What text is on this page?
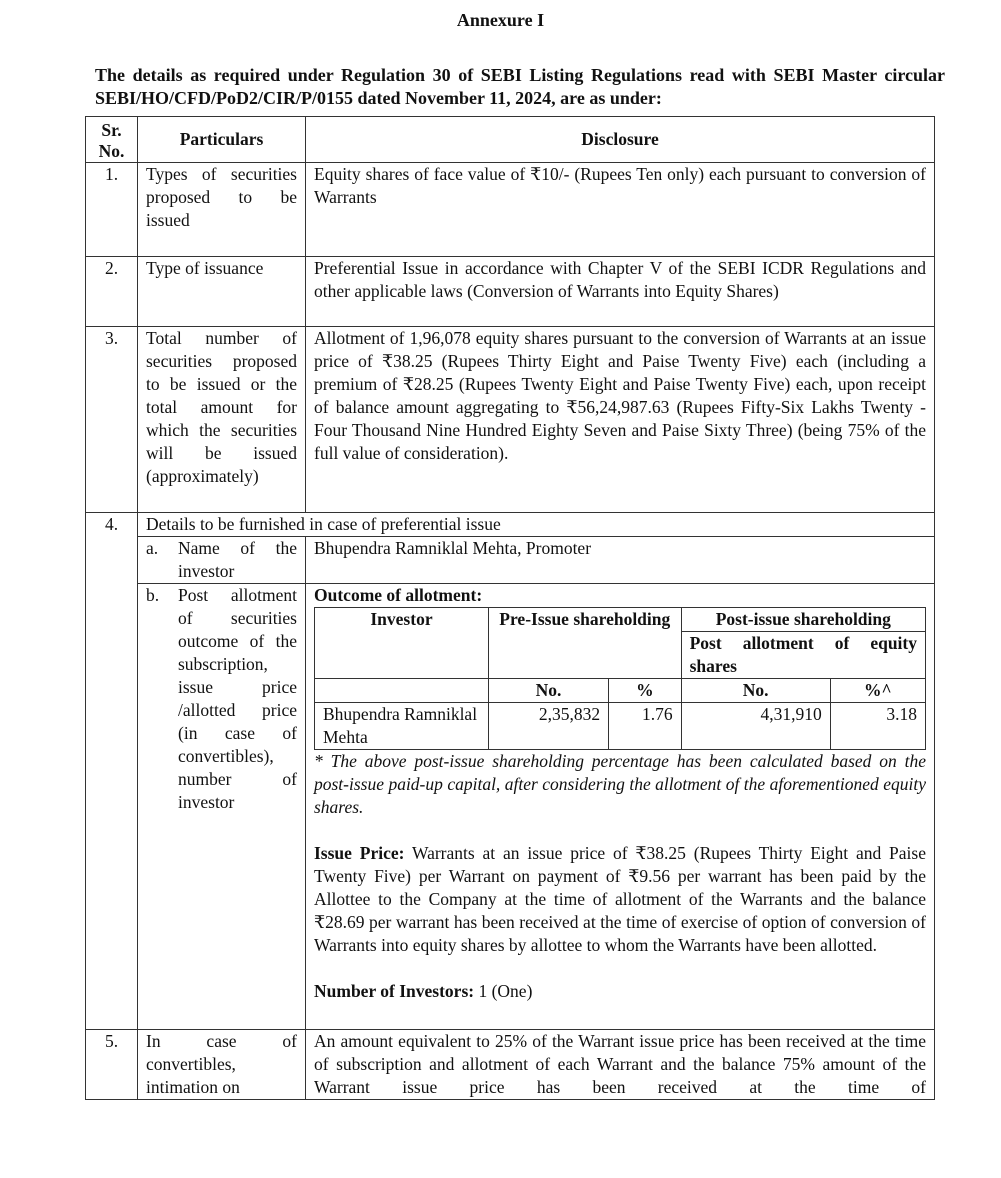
Annexure I
The details as required under Regulation 30 of SEBI Listing Regulations read with SEBI Master circular SEBI/HO/CFD/PoD2/CIR/P/0155 dated November 11, 2024, are as under:
Sr. No.	Particulars	Disclosure
1.	Types of securities proposed to be issued	Equity shares of face value of ₹10/- (Rupees Ten only) each pursuant to conversion of Warrants
2.	Type of issuance	Preferential Issue in accordance with Chapter V of the SEBI ICDR Regulations and other applicable laws (Conversion of Warrants into Equity Shares)
3.	Total number of securities proposed to be issued or the total amount for which the securities will be issued (approximately)	Allotment of 1,96,078 equity shares pursuant to the conversion of Warrants at an issue price of ₹38.25 (Rupees Thirty Eight and Paise Twenty Five) each (including a premium of ₹28.25 (Rupees Twenty Eight and Paise Twenty Five) each, upon receipt of balance amount aggregating to ₹56,24,987.63 (Rupees Fifty-Six Lakhs Twenty - Four Thousand Nine Hundred Eighty Seven and Paise Sixty Three) (being 75% of the full value of consideration).
4.	Details to be furnished in case of preferential issue

a.	Name of the investor
	Bhupendra Ramniklal Mehta, Promoter

b.	Post allotment of securities outcome of the subscription, issue price /allotted price (in case of convertibles), number of investor

Outcome of allotment:
Investor	Pre-Issue shareholding	Post-issue shareholding
Post allotment of equity shares
	No.	%	No.	%^
Bhupendra Ramniklal Mehta	2,35,832	1.76	4,31,910	3.18
* The above post-issue shareholding percentage has been calculated based on the post-issue paid-up capital, after considering the allotment of the aforementioned equity shares.
Issue Price: Warrants at an issue price of ₹38.25 (Rupees Thirty Eight and Paise Twenty Five) per Warrant on payment of ₹9.56 per warrant has been paid by the Allottee to the Company at the time of allotment of the Warrants and the balance ₹28.69 per warrant has been received at the time of exercise of option of conversion of Warrants into equity shares by allottee to whom the Warrants have been allotted.
Number of Investors: 1 (One)

5.	In case of convertibles, intimation on	An amount equivalent to 25% of the Warrant issue price has been received at the time of subscription and allotment of each Warrant and the balance 75% amount of the Warrant issue price has been received at the time of
